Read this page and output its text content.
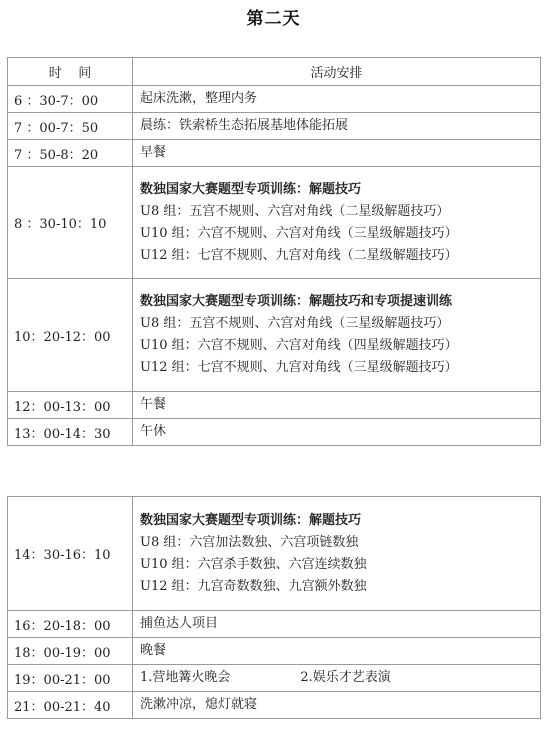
第二天
时    间	活动安排
6 ：30-7：00	起床洗漱，整理内务

7 ：00-7：50	晨练：铁索桥生态拓展基地体能拓展

7 ：50-8：20	早餐

8 ：30-10：10	数独国家大赛题型专项训练：解题技巧
U8 组：五宫不规则、六宫对角线（二星级解题技巧）
U10 组：六宫不规则、六宫对角线（三星级解题技巧）
U12 组：七宫不规则、九宫对角线（二星级解题技巧）

10：20-12：00	数独国家大赛题型专项训练：解题技巧和专项提速训练
U8 组：五宫不规则、六宫对角线（三星级解题技巧）
U10 组：六宫不规则、六宫对角线（四星级解题技巧）
U12 组：七宫不规则、九宫对角线（三星级解题技巧）

12：00-13：00	午餐

13：00-14：30	午休
14：30-16：10	数独国家大赛题型专项训练：解题技巧
U8 组：六宫加法数独、六宫项链数独
U10 组：六宫杀手数独、六宫连续数独
U12 组：九宫奇数数独、九宫额外数独

16：20-18：00	捕鱼达人项目

18：00-19：00	晚餐

19：00-21：00	1.营地篝火晚会 2.娱乐才艺表演

21：00-21：40	洗漱冲凉，熄灯就寝
